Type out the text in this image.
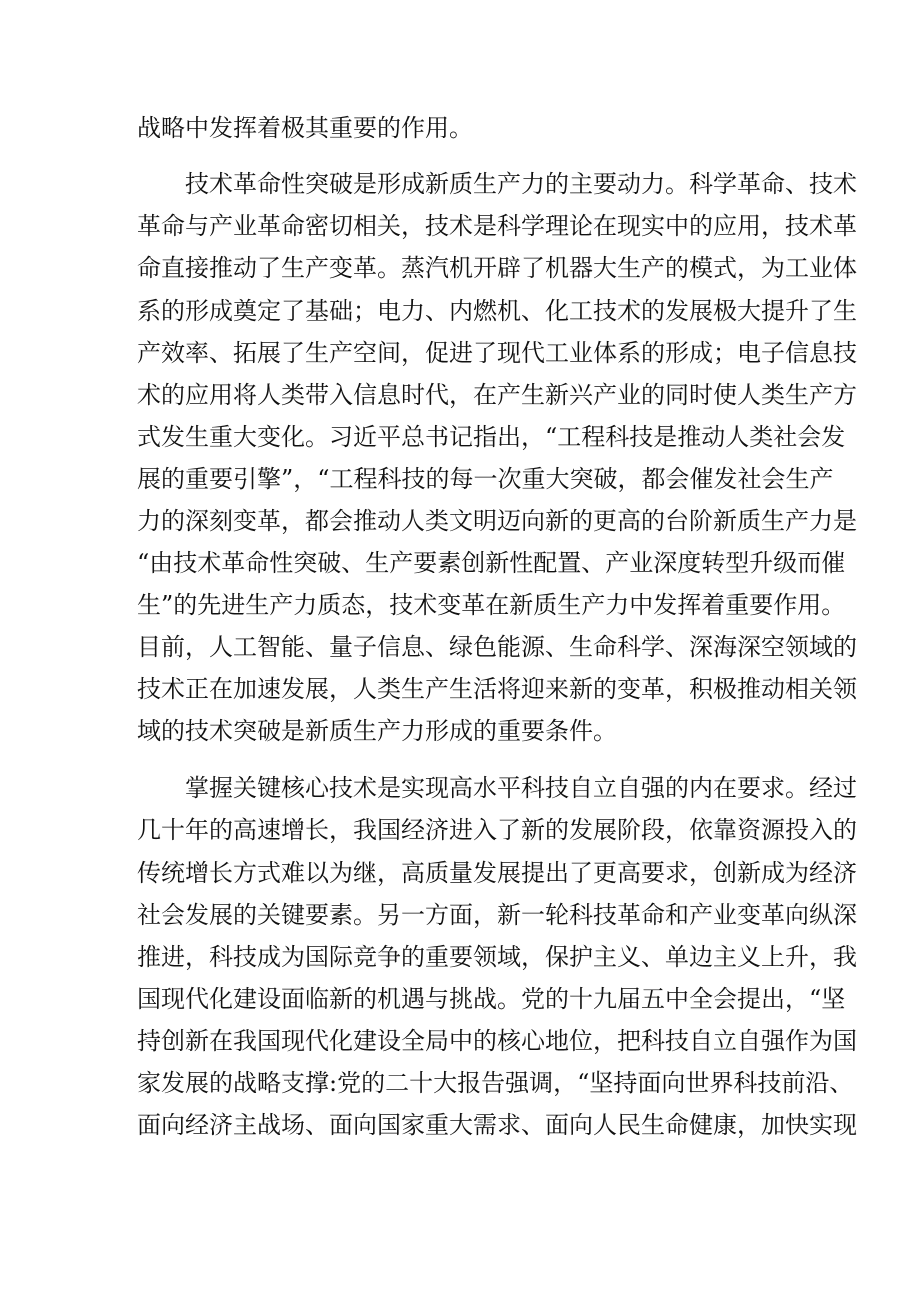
战略中发挥着极其重要的作用。
技术革命性突破是形成新质生产力的主要动力。科学革命、技术
革命与产业革命密切相关，技术是科学理论在现实中的应用，技术革
命直接推动了生产变革。蒸汽机开辟了机器大生产的模式，为工业体
系的形成奠定了基础；电力、内燃机、化工技术的发展极大提升了生
产效率、拓展了生产空间，促进了现代工业体系的形成；电子信息技
术的应用将人类带入信息时代，在产生新兴产业的同时使人类生产方
式发生重大变化。习近平总书记指出，“工程科技是推动人类社会发
展的重要引擎”，“工程科技的每一次重大突破，都会催发社会生产
力的深刻变革，都会推动人类文明迈向新的更高的台阶新质生产力是
“由技术革命性突破、生产要素创新性配置、产业深度转型升级而催
生”的先进生产力质态，技术变革在新质生产力中发挥着重要作用。
目前，人工智能、量子信息、绿色能源、生命科学、深海深空领域的
技术正在加速发展，人类生产生活将迎来新的变革，积极推动相关领
域的技术突破是新质生产力形成的重要条件。
掌握关键核心技术是实现高水平科技自立自强的内在要求。经过
几十年的高速增长，我国经济进入了新的发展阶段，依靠资源投入的
传统增长方式难以为继，高质量发展提出了更高要求，创新成为经济
社会发展的关键要素。另一方面，新一轮科技革命和产业变革向纵深
推进，科技成为国际竞争的重要领域，保护主义、单边主义上升，我
国现代化建设面临新的机遇与挑战。党的十九届五中全会提出，“坚
持创新在我国现代化建设全局中的核心地位，把科技自立自强作为国
家发展的战略支撑:党的二十大报告强调，“坚持面向世界科技前沿、
面向经济主战场、面向国家重大需求、面向人民生命健康，加快实现
